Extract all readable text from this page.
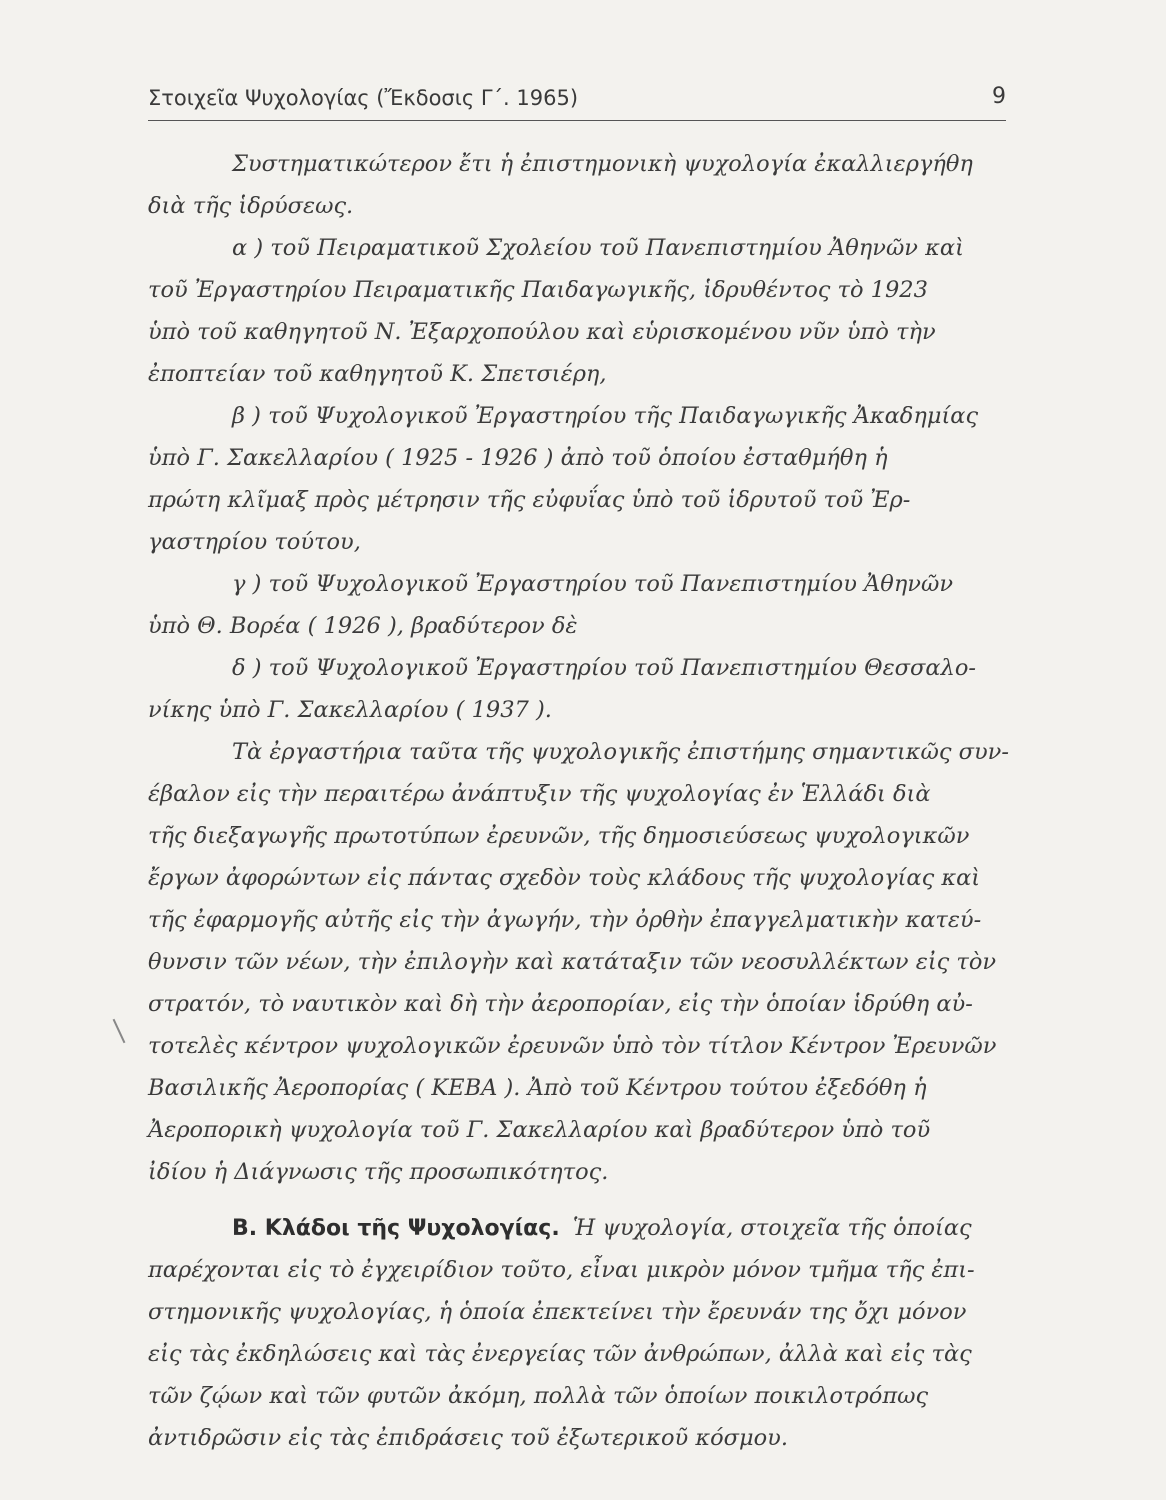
Στοιχεῖα Ψυχολογίας (Ἔκδοσις Γ΄. 1965)	9
Συστηματικώτερον ἔτι ἡ ἐπιστημονικὴ ψυχολογία ἐκαλλιεργήθη
διὰ τῆς ἱδρύσεως.
α ) τοῦ Πειραματικοῦ Σχολείου τοῦ Πανεπιστημίου Ἀθηνῶν καὶ
τοῦ Ἐργαστηρίου Πειραματικῆς Παιδαγωγικῆς, ἱδρυθέντος τὸ 1923
ὑπὸ τοῦ καθηγητοῦ Ν. Ἐξαρχοπούλου καὶ εὑρισκομένου νῦν ὑπὸ τὴν
ἐποπτείαν τοῦ καθηγητοῦ Κ. Σπετσιέρη,
β ) τοῦ Ψυχολογικοῦ Ἐργαστηρίου τῆς Παιδαγωγικῆς Ἀκαδημίας
ὑπὸ Γ. Σακελλαρίου ( 1925 - 1926 ) ἀπὸ τοῦ ὁποίου ἐσταθμήθη ἡ
πρώτη κλῖμαξ πρὸς μέτρησιν τῆς εὐφυΐας ὑπὸ τοῦ ἱδρυτοῦ τοῦ Ἐρ-
γαστηρίου τούτου,
γ ) τοῦ Ψυχολογικοῦ Ἐργαστηρίου τοῦ Πανεπιστημίου Ἀθηνῶν
ὑπὸ Θ. Βορέα ( 1926 ), βραδύτερον δὲ
δ ) τοῦ Ψυχολογικοῦ Ἐργαστηρίου τοῦ Πανεπιστημίου Θεσσαλο-
νίκης ὑπὸ Γ. Σακελλαρίου ( 1937 ).
Τὰ ἐργαστήρια ταῦτα τῆς ψυχολογικῆς ἐπιστήμης σημαντικῶς συν-
έβαλον εἰς τὴν περαιτέρω ἀνάπτυξιν τῆς ψυχολογίας ἐν Ἑλλάδι διὰ
τῆς διεξαγωγῆς πρωτοτύπων ἐρευνῶν, τῆς δημοσιεύσεως ψυχολογικῶν
ἔργων ἀφορώντων εἰς πάντας σχεδὸν τοὺς κλάδους τῆς ψυχολογίας καὶ
τῆς ἐφαρμογῆς αὐτῆς εἰς τὴν ἀγωγήν, τὴν ὀρθὴν ἐπαγγελματικὴν κατεύ-
θυνσιν τῶν νέων, τὴν ἐπιλογὴν καὶ κατάταξιν τῶν νεοσυλλέκτων εἰς τὸν
στρατόν, τὸ ναυτικὸν καὶ δὴ τὴν ἀεροπορίαν, εἰς τὴν ὁποίαν ἱδρύθη αὐ-
τοτελὲς κέντρον ψυχολογικῶν ἐρευνῶν ὑπὸ τὸν τίτλον Κέντρον Ἐρευνῶν
Βασιλικῆς Ἀεροπορίας ( ΚΕΒΑ ). Ἀπὸ τοῦ Κέντρου τούτου ἐξεδόθη ἡ
Ἀεροπορικὴ ψυχολογία τοῦ Γ. Σακελλαρίου καὶ βραδύτερον ὑπὸ τοῦ
ἰδίου ἡ Διάγνωσις τῆς προσωπικότητος.
Β. Κλάδοι τῆς Ψυχολογίας. Ἡ ψυχολογία, στοιχεῖα τῆς ὁποίας
παρέχονται εἰς τὸ ἐγχειρίδιον τοῦτο, εἶναι μικρὸν μόνον τμῆμα τῆς ἐπι-
στημονικῆς ψυχολογίας, ἡ ὁποία ἐπεκτείνει τὴν ἔρευνάν της ὄχι μόνον
εἰς τὰς ἐκδηλώσεις καὶ τὰς ἐνεργείας τῶν ἀνθρώπων, ἀλλὰ καὶ εἰς τὰς
τῶν ζῴων καὶ τῶν φυτῶν ἀκόμη, πολλὰ τῶν ὁποίων ποικιλοτρόπως
ἀντιδρῶσιν εἰς τὰς ἐπιδράσεις τοῦ ἐξωτερικοῦ κόσμου.
